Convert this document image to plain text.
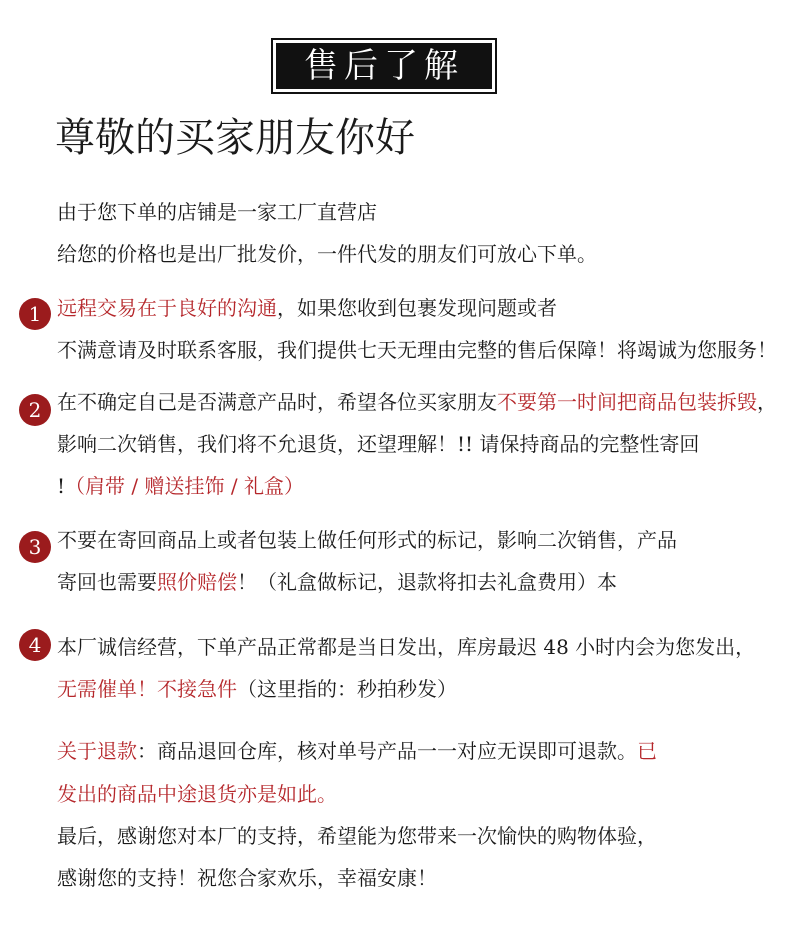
售后了解
尊敬的买家朋友你好
由于您下单的店铺是一家工厂直营店
给您的价格也是出厂批发价，一件代发的朋友们可放心下单。
1 远程交易在于良好的沟通，如果您收到包裹发现问题或者
不满意请及时联系客服，我们提供七天无理由完整的售后保障！将竭诚为您服务！
2 在不确定自己是否满意产品时，希望各位买家朋友不要第一时间把商品包装拆毁，
影响二次销售，我们将不允退货，还望理解！!! 请保持商品的完整性寄回
!（肩带 / 赠送挂饰 / 礼盒）
3 不要在寄回商品上或者包装上做任何形式的标记，影响二次销售，产品
寄回也需要照价赔偿！（礼盒做标记，退款将扣去礼盒费用）本
4 本厂诚信经营，下单产品正常都是当日发出，库房最迟 48 小时内会为您发出，
无需催单！不接急件（这里指的：秒拍秒发）
关于退款：商品退回仓库，核对单号产品一一对应无误即可退款。已
发出的商品中途退货亦是如此。
最后，感谢您对本厂的支持，希望能为您带来一次愉快的购物体验，
感谢您的支持！祝您合家欢乐，幸福安康！
